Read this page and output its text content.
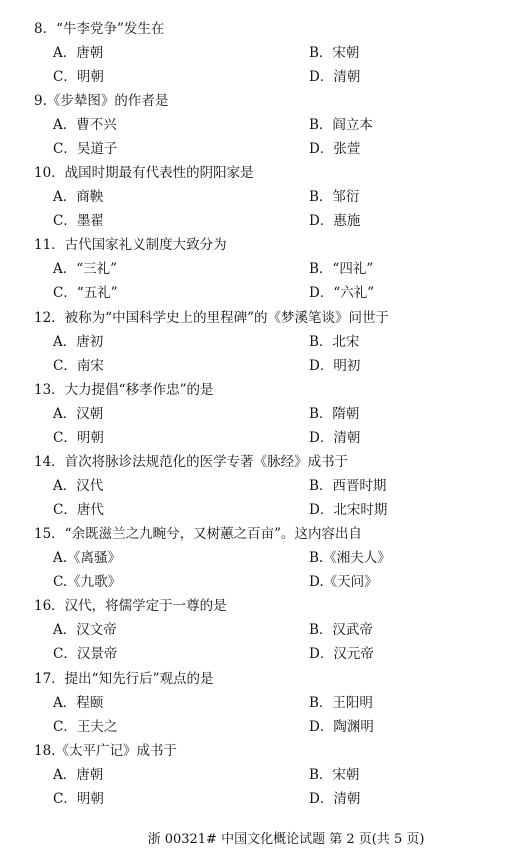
8．“牛李党争”发生在
A．唐朝	B．宋朝
C．明朝	D．清朝
9.《步辇图》的作者是
A．曹不兴	B．阎立本
C．吴道子	D．张萱
10．战国时期最有代表性的阴阳家是
A．商鞅	B．邹衍
C．墨翟	D．惠施
11．古代国家礼义制度大致分为
A．“三礼”	B．“四礼”
C．“五礼”	D．“六礼”
12．被称为“中国科学史上的里程碑”的《梦溪笔谈》问世于
A．唐初	B．北宋
C．南宋	D．明初
13．大力提倡“移孝作忠”的是
A．汉朝	B．隋朝
C．明朝	D．清朝
14．首次将脉诊法规范化的医学专著《脉经》成书于
A．汉代	B．西晋时期
C．唐代	D．北宋时期
15．“余既滋兰之九畹兮，又树蕙之百亩”。这内容出自
A.《离骚》	B.《湘夫人》
C.《九歌》	D.《天问》
16．汉代，将儒学定于一尊的是
A．汉文帝	B．汉武帝
C．汉景帝	D．汉元帝
17．提出“知先行后”观点的是
A．程颐	B．王阳明
C．王夫之	D．陶渊明
18.《太平广记》成书于
A．唐朝	B．宋朝
C．明朝	D．清朝
浙 00321# 中国文化概论试题 第 2 页(共 5 页)
